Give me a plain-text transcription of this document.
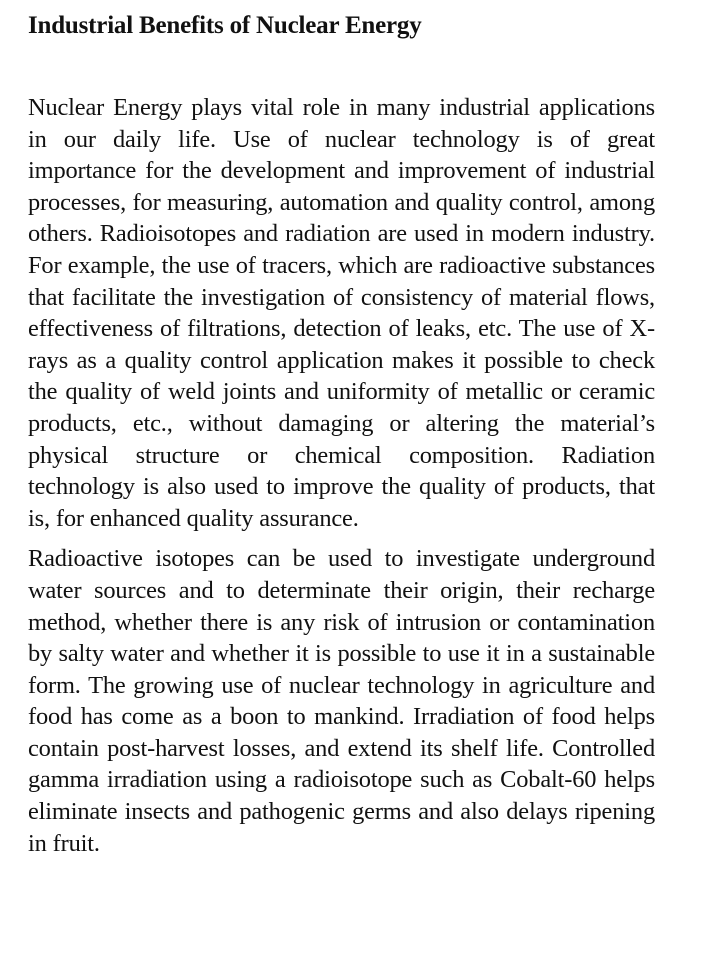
Industrial Benefits of Nuclear Energy

Nuclear Energy plays vital role in many industrial applications in our daily life. Use of nuclear technology is of great importance for the development and improvement of industrial processes, for measuring, automation and quality control, among others. Radioisotopes and radiation are used in modern industry. For example, the use of tracers, which are radioactive substances that facilitate the investigation of consistency of material flows, effectiveness of filtrations, detection of leaks, etc. The use of X-rays as a quality control application makes it possible to check the quality of weld joints and uniformity of metallic or ceramic products, etc., without damaging or altering the material’s physical structure or chemical composition. Radiation technology is also used to improve the quality of products, that is, for enhanced quality assurance.

Radioactive isotopes can be used to investigate underground water sources and to determinate their origin, their recharge method, whether there is any risk of intrusion or contamination by salty water and whether it is possible to use it in a sustainable form. The growing use of nuclear technology in agriculture and food has come as a boon to mankind. Irradiation of food helps contain post-harvest losses, and extend its shelf life. Controlled gamma irradiation using a radioisotope such as Cobalt-60 helps eliminate insects and pathogenic germs and also delays ripening in fruit.
